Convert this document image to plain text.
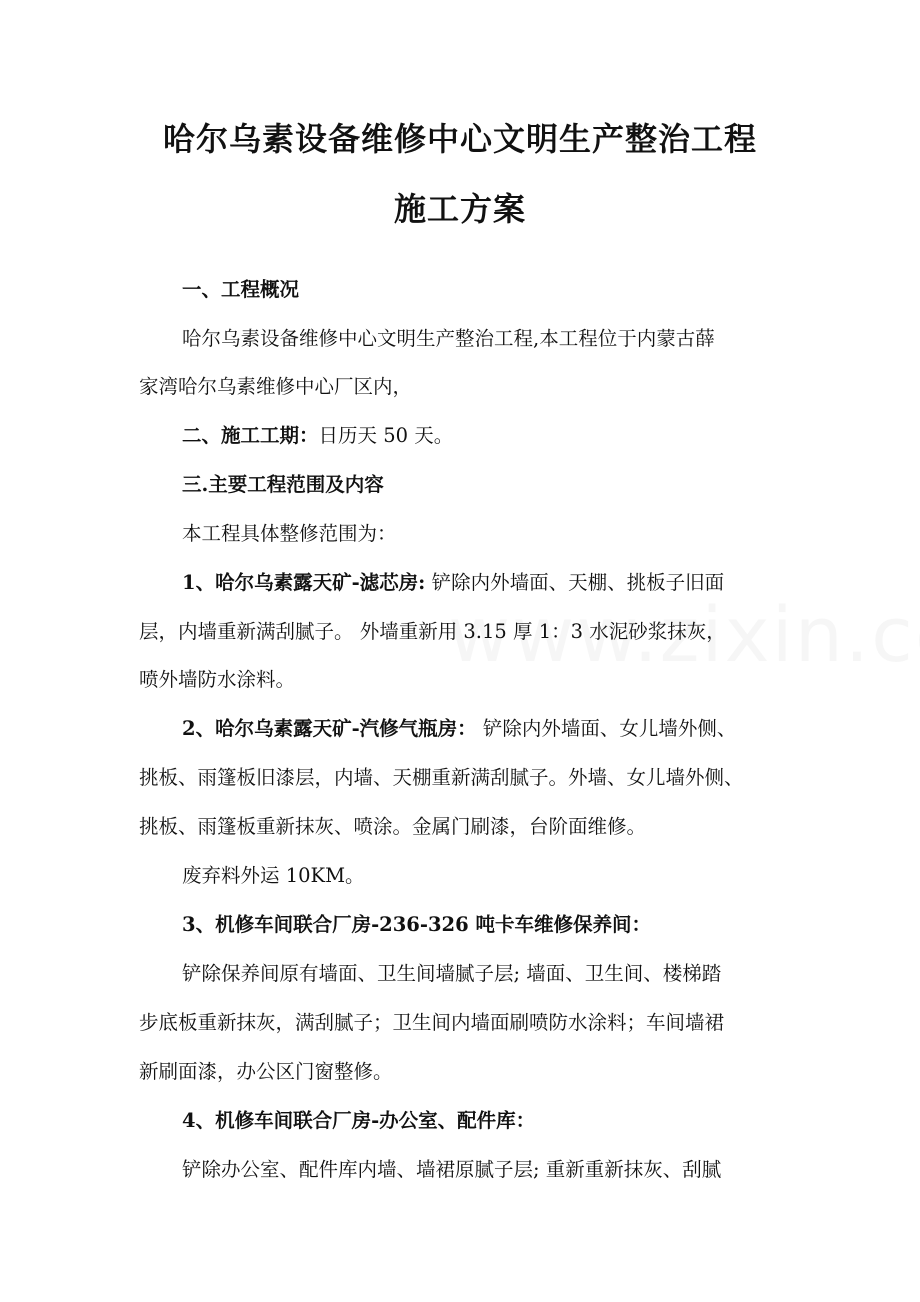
哈尔乌素设备维修中心文明生产整治工程
施工方案
一、工程概况
哈尔乌素设备维修中心文明生产整治工程,本工程位于内蒙古薛
家湾哈尔乌素维修中心厂区内，
二、施工工期：日历天 50 天。
三.主要工程范围及内容
本工程具体整修范围为：
1、哈尔乌素露天矿-滤芯房: 铲除内外墙面、天棚、挑板子旧面
层，内墙重新满刮腻子。 外墙重新用 3.15 厚 1：3 水泥砂浆抹灰，
喷外墙防水涂料。
2、哈尔乌素露天矿-汽修气瓶房： 铲除内外墙面、女儿墙外侧、
挑板、雨篷板旧漆层，内墙、天棚重新满刮腻子。外墙、女儿墙外侧、
挑板、雨篷板重新抹灰、喷涂。金属门刷漆，台阶面维修。
废弃料外运 10KM。
3、机修车间联合厂房-236-326 吨卡车维修保养间：
铲除保养间原有墙面、卫生间墙腻子层; 墙面、卫生间、楼梯踏
步底板重新抹灰，满刮腻子；卫生间内墙面刷喷防水涂料；车间墙裙
新刷面漆，办公区门窗整修。
4、机修车间联合厂房-办公室、配件库：
铲除办公室、配件库内墙、墙裙原腻子层; 重新重新抹灰、刮腻
